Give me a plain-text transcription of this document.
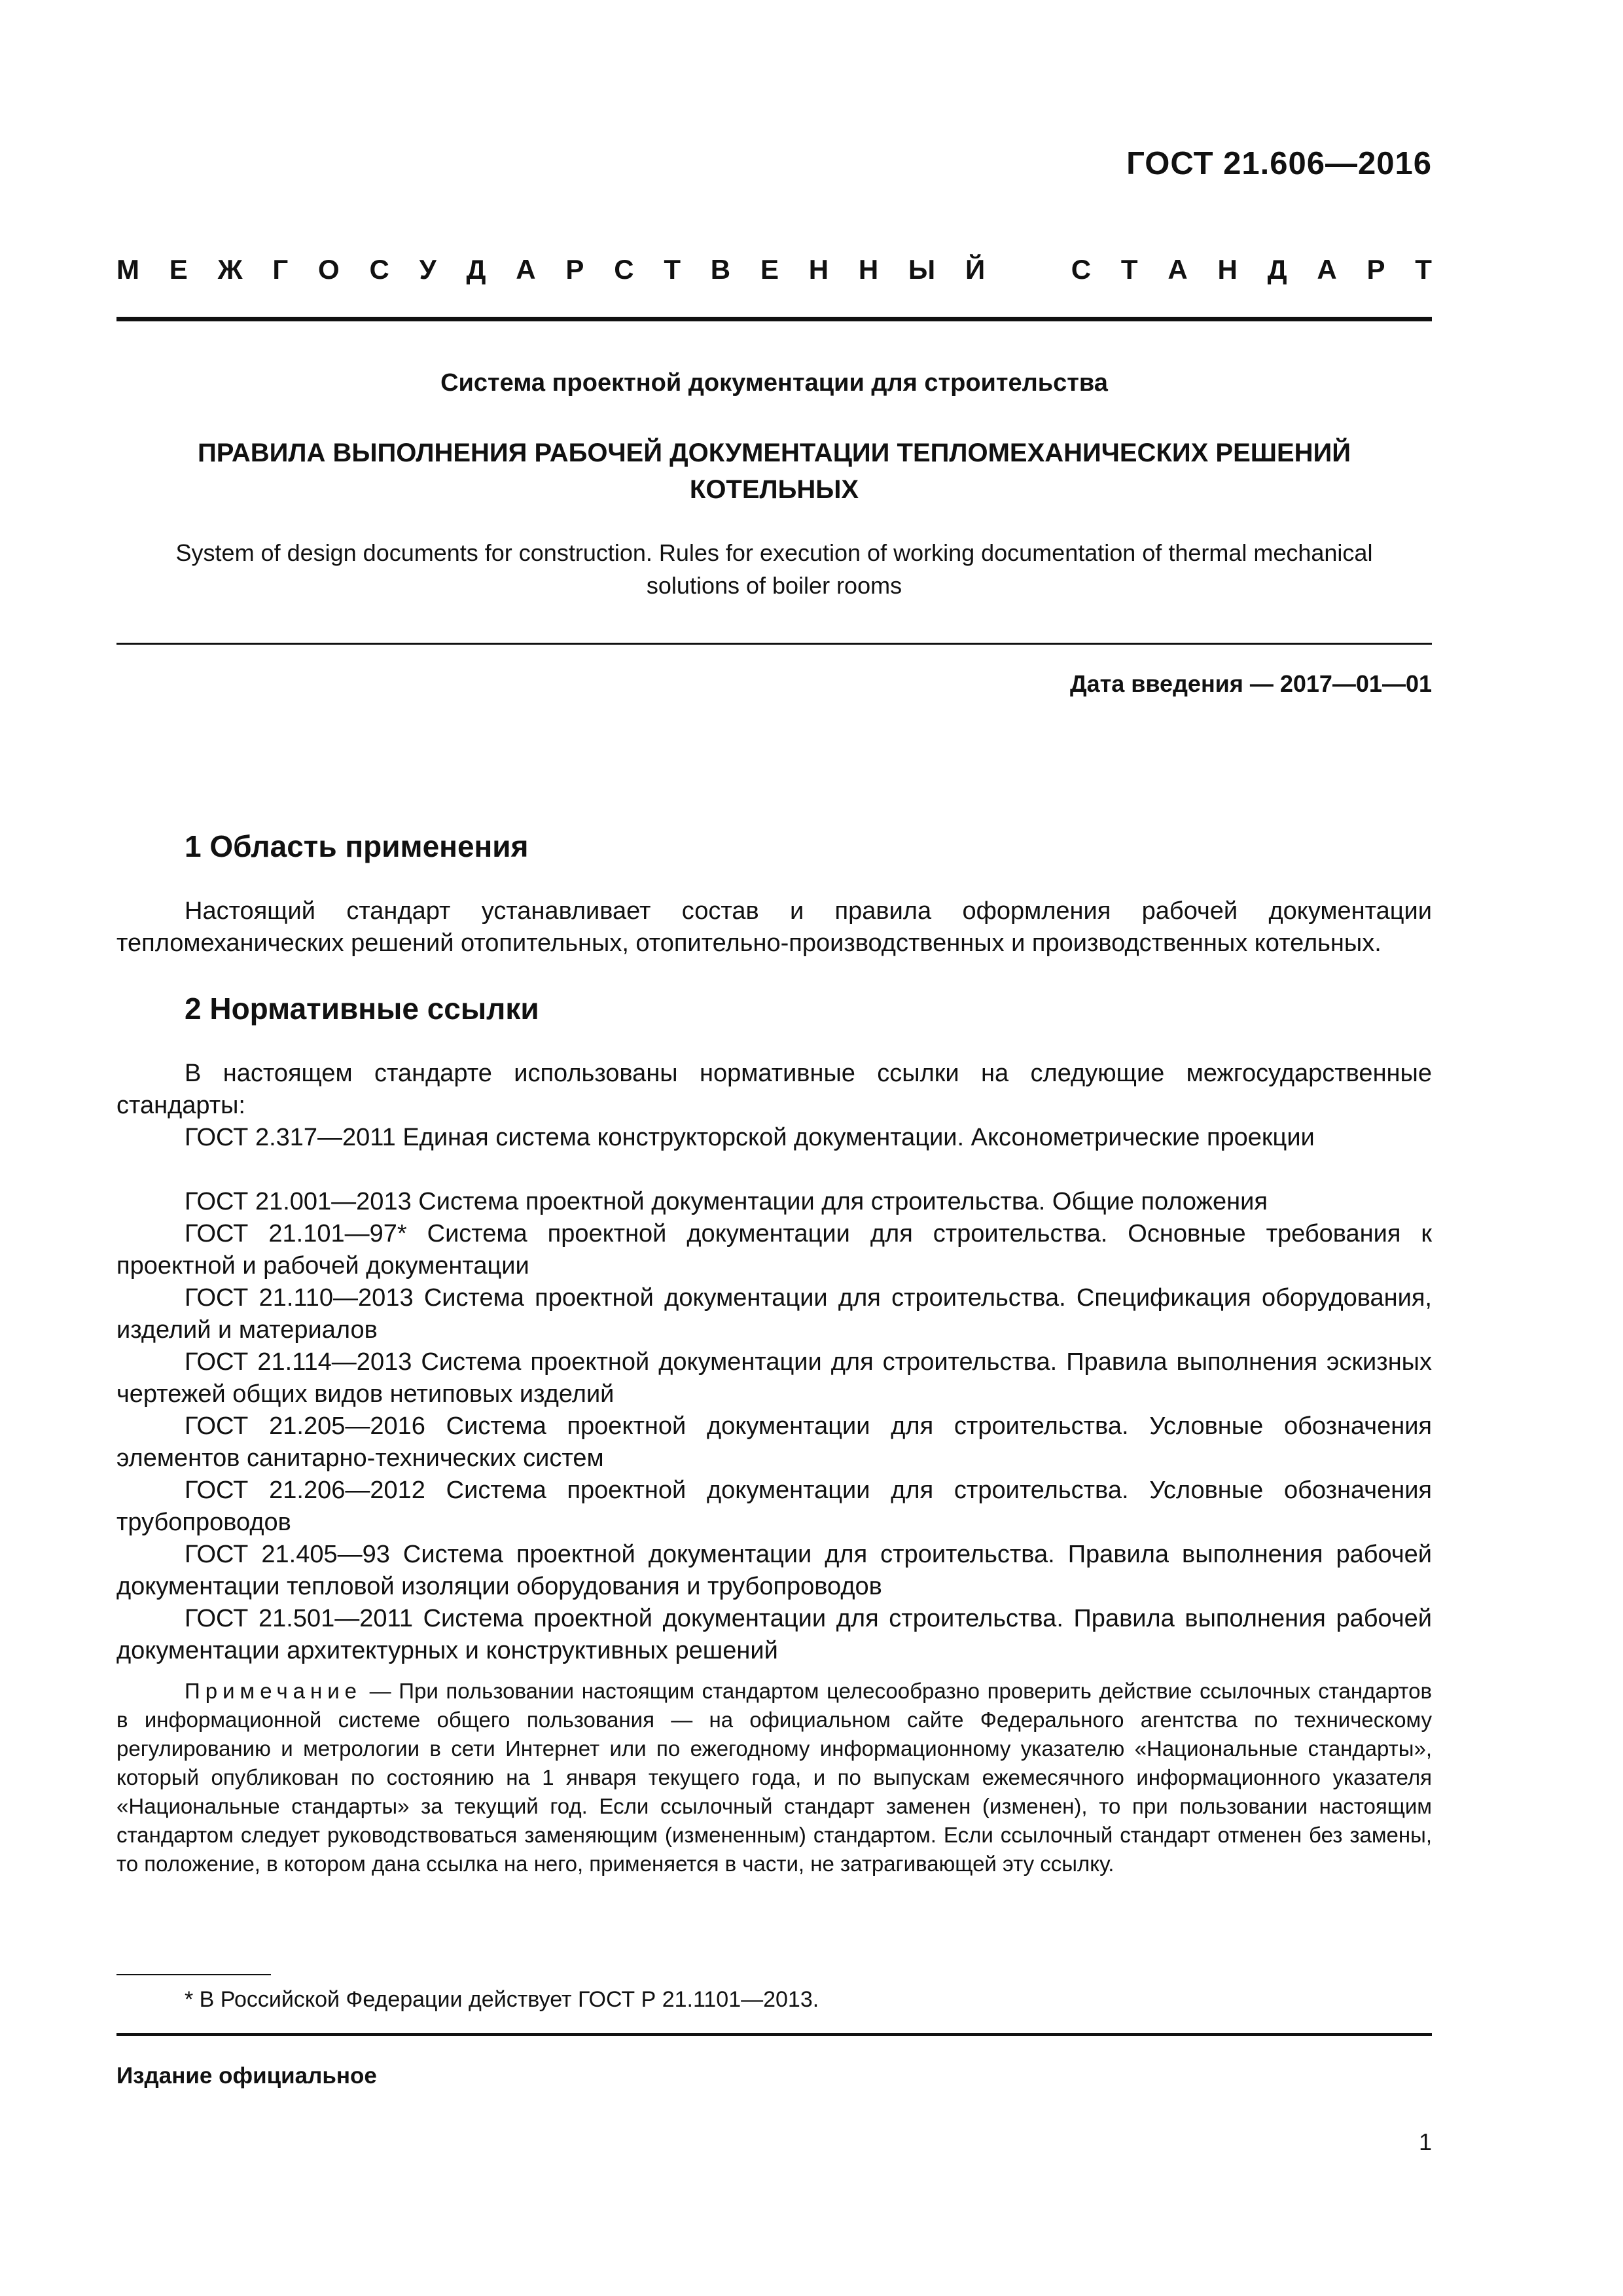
ГОСТ 21.606—2016
М Е Ж Г О С У Д А Р С Т В Е Н Н Ы Й	С Т А Н Д А Р Т
Система проектной документации для строительства
ПРАВИЛА ВЫПОЛНЕНИЯ РАБОЧЕЙ ДОКУМЕНТАЦИИ ТЕПЛОМЕХАНИЧЕСКИХ РЕШЕНИЙ
КОТЕЛЬНЫХ
System of design documents for construction. Rules for execution of working documentation of thermal mechanical
solutions of boiler rooms
Дата введения — 2017—01—01
1 Область применения
Настоящий стандарт устанавливает состав и правила оформления рабочей документации тепломеханических решений отопительных, отопительно-производственных и производственных котельных.
2 Нормативные ссылки
В настоящем стандарте использованы нормативные ссылки на следующие межгосударственные стандарты:
ГОСТ 2.317—2011 Единая система конструкторской документации. Аксонометрические проекции
ГОСТ 21.001—2013 Система проектной документации для строительства. Общие положения
ГОСТ 21.101—97* Система проектной документации для строительства. Основные требования к проектной и рабочей документации
ГОСТ 21.110—2013 Система проектной документации для строительства. Спецификация оборудования, изделий и материалов
ГОСТ 21.114—2013 Система проектной документации для строительства. Правила выполнения эскизных чертежей общих видов нетиповых изделий
ГОСТ 21.205—2016 Система проектной документации для строительства. Условные обозначения элементов санитарно-технических систем
ГОСТ 21.206—2012 Система проектной документации для строительства. Условные обозначения трубопроводов
ГОСТ 21.405—93 Система проектной документации для строительства. Правила выполнения рабочей документации тепловой изоляции оборудования и трубопроводов
ГОСТ 21.501—2011 Система проектной документации для строительства. Правила выполнения рабочей документации архитектурных и конструктивных решений
Примечание — При пользовании настоящим стандартом целесообразно проверить действие ссылочных стандартов в информационной системе общего пользования — на официальном сайте Федерального агентства по техническому регулированию и метрологии в сети Интернет или по ежегодному информационному указателю «Национальные стандарты», который опубликован по состоянию на 1 января текущего года, и по выпускам ежемесячного информационного указателя «Национальные стандарты» за текущий год. Если ссылочный стандарт заменен (изменен), то при пользовании настоящим стандартом следует руководствоваться заменяющим (измененным) стандартом. Если ссылочный стандарт отменен без замены, то положение, в котором дана ссылка на него, применяется в части, не затрагивающей эту ссылку.
* В Российской Федерации действует ГОСТ Р 21.1101—2013.
Издание официальное
1
